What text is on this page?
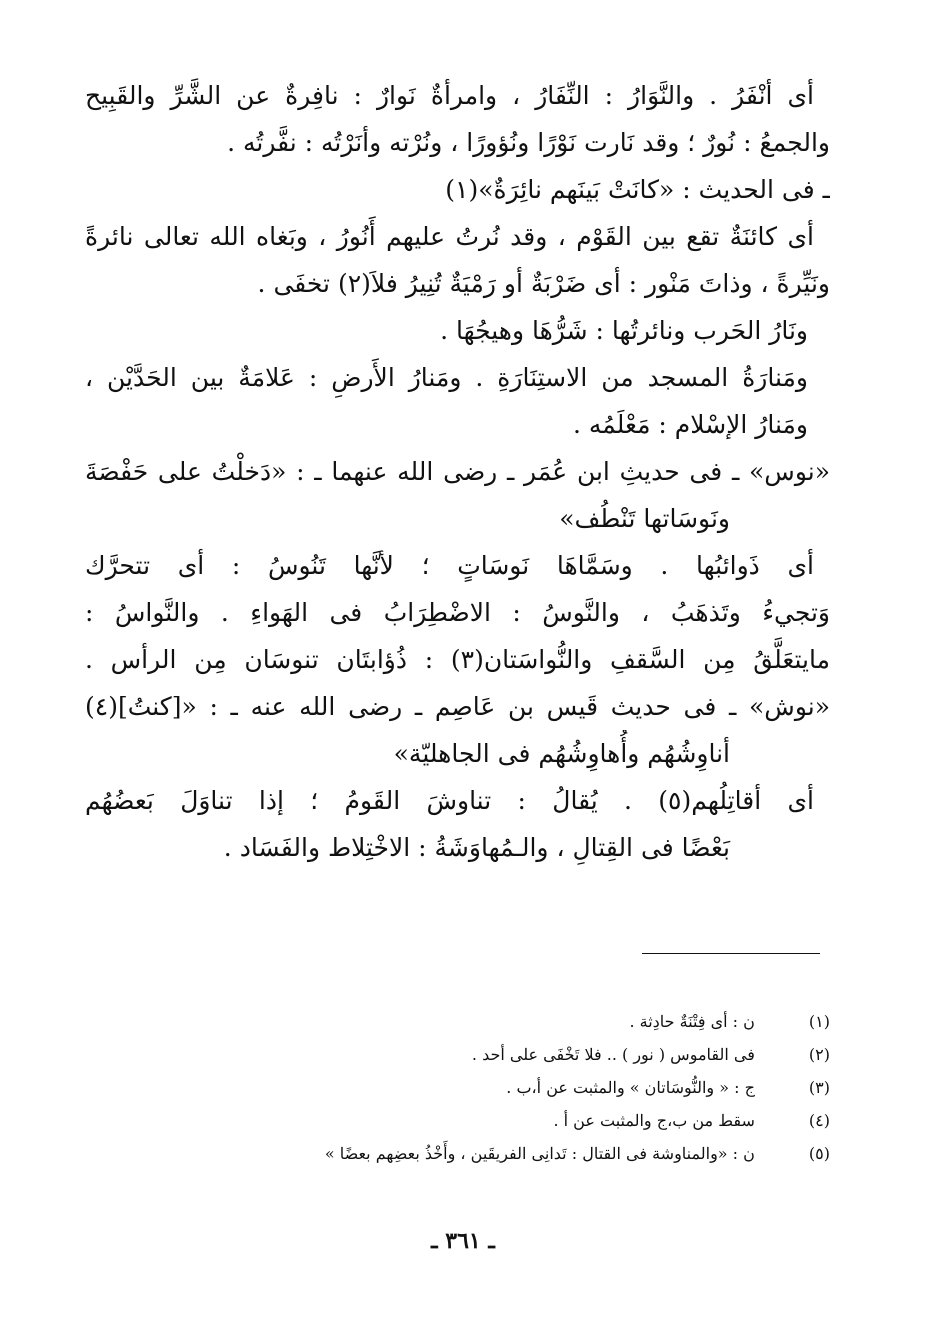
أى أنْفَرُ . والنَّوَارُ : النِّفَارُ ، وامرأةٌ نَوارٌ : نافِرةٌ عن الشَّرِّ والقَبِيح
والجمعُ : نُورٌ ؛ وقد نَارت نَوْرًا ونُؤورًا ، ونُرْته وأنَرْتُه : نفَّرتُه .
ـ فى الحديث : «كانَتْ بَينَهم نائِرَةٌ»(١)
أى كائنَةٌ تقع بين القَوْم ، وقد نُرتُ عليهم أَنُورُ ، وبَغاه الله تعالى نائرةً
ونَيِّرةً ، وذاتَ مَنْور : أى ضَرْبَةٌ أو رَمْيَةٌ تُنِيرُ فلاَ(٢) تخفَى .
ونَارُ الحَرب ونائرتُها : شَرُّهَا وهيجُهَا .
ومَنارَةُ المسجد من الاستِنَارَةِ . ومَنارُ الأَرضِ : عَلامَةٌ بين الحَدَّيْن ،
ومَنارُ الإسْلام : مَعْلَمُه .
«نوس» ـ فى حديثِ ابن عُمَر ـ رضى الله عنهما ـ : «دَخلْتُ على حَفْصَةَ
ونَوسَاتها تَنْطُف»
أى ذَوائبُها . وسَمَّاهَا نَوسَاتٍ ؛ لأنَّها تَنُوسُ : أى تتحرَّك
وَتجيءُ وتَذهَبُ ، والنَّوسُ : الاضْطِرَابُ فى الهَواءِ . والنَّواسُ :
مايتعَلَّقُ مِن السَّقفِ والنُّواسَتان(٣) : ذُؤابتَان تنوسَان مِن الرأس .
«نوش» ـ فى حديث قَيس بن عَاصِم ـ رضى الله عنه ـ : «[كنتُ](٤)
أناوِشُهُم وأُهاوِشُهُم فى الجاهليّة»
أى أقاتِلُهم(٥) . يُقالُ : تناوشَ القَومُ ؛ إذا تناوَلَ بَعضُهُم
بَعْضًا فى القِتالِ ، والـمُهاوَشَةُ : الاخْتِلاط والفَسَاد .
(١) ن : أى فِتْنَةٌ حادِثة .
(٢) فى القاموس ( نور ) .. فلا تَخْفَى على أحد .
(٣) ج : « والنُّوسَاتان » والمثبت عن أ،ب .
(٤) سقط من ب،ج والمثبت عن أ .
(٥) ن : «والمناوشة فى القتال : تَدانِى الفريقَين ، وأَخْذُ بعضِهم بعضًا »
ـ ٣٦١ ـ
